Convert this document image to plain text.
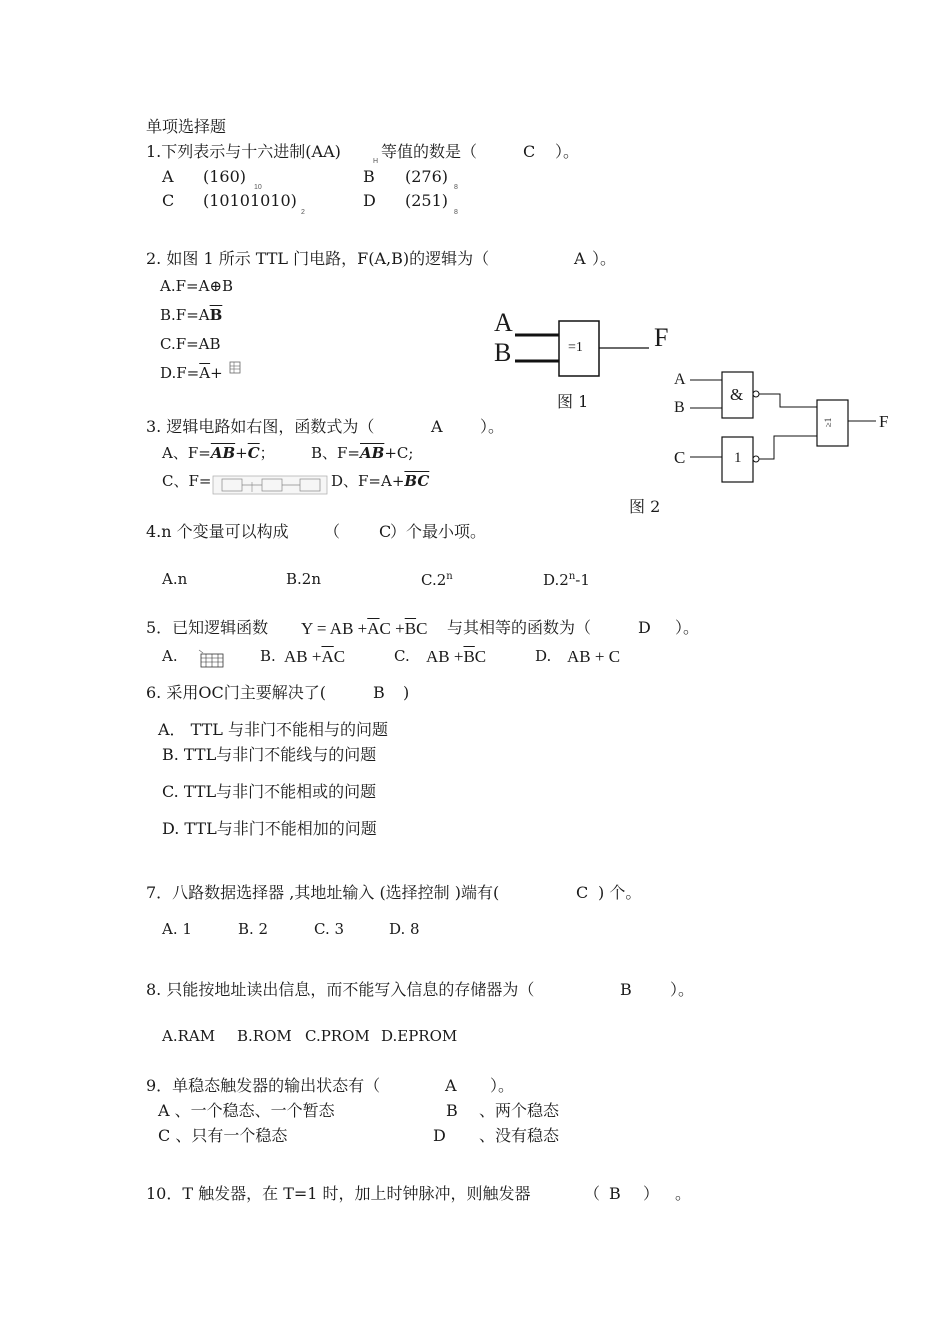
单项选择题
1.下列表示与十六进制(AA)
H
等值的数是（	C ）。
A (160)
10
B (276)
8
C (10101010)
2
D (251)
8
2. 如图 1 所示 TTL 门电路，F(A,B)的逻辑为（	A ）。
A.F=A⊕B
$B.F=A\overline{B}$
C.F=AB
$D.F=\overline{A}+$
A
B	=1	F
图 1
A
B
C
&
1
≥1	F
图 2
3. 逻辑电路如右图，函数式为（	A ）。
A、$F=\overline{AB}+\overline{C}$； B、$F=\overline{AB}+C$;
C、F=	D、$F=A+\overline{BC}$
4.n 个变量可以构成 （ C
）个最小项。
A.n	B.2n	C.2$^n$	D.2$^n$-1
5．已知逻辑函数 Y = AB $+\overline{A}C +\overline{B}C$ 与其相等的函数为（	D ）。
A.	B. AB $+\overline{A}C$	C. AB $+\overline{B}C$	D. AB + C
6. 采用OC门主要解决了(	B )
A． TTL 与非门不能相与的问题
B. TTL与非门不能线与的问题
C. TTL与非门不能相或的问题
D. TTL与非门不能相加的问题
7．八路数据选择器 ,其地址输入 (选择控制 )端有(	C ) 个。
A. 1	B. 2	C. 3	D. 8
8. 只能按地址读出信息，而不能写入信息的存储器为（	B ）。
A.RAM B.ROM C.PROM D.EPROM
9．单稳态触发器的输出状态有（	A ）。
A 、一个稳态、一个暂态	B 、两个稳态
C 、只有一个稳态	D 、没有稳态
10．T 触发器，在 T=1 时，加上时钟脉冲，则触发器	（ B ） 。
